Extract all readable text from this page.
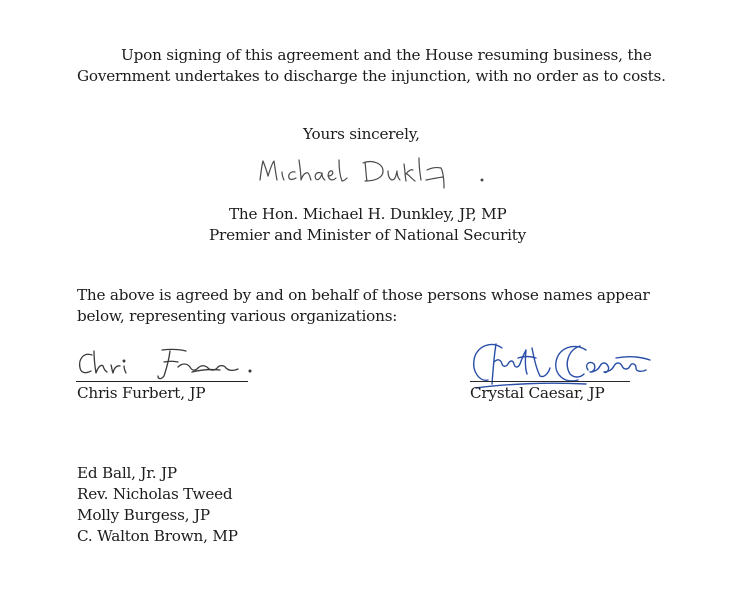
Upon signing of this agreement and the House resuming business, the
Government undertakes to discharge the injunction, with no order as to costs.
Yours sincerely,
The Hon. Michael H. Dunkley, JP, MP
Premier and Minister of National Security
The above is agreed by and on behalf of those persons whose names appear
below, representing various organizations:
Chris Furbert, JP	Crystal Caesar, JP
Ed Ball, Jr. JP
Rev. Nicholas Tweed
Molly Burgess, JP
C. Walton Brown, MP
